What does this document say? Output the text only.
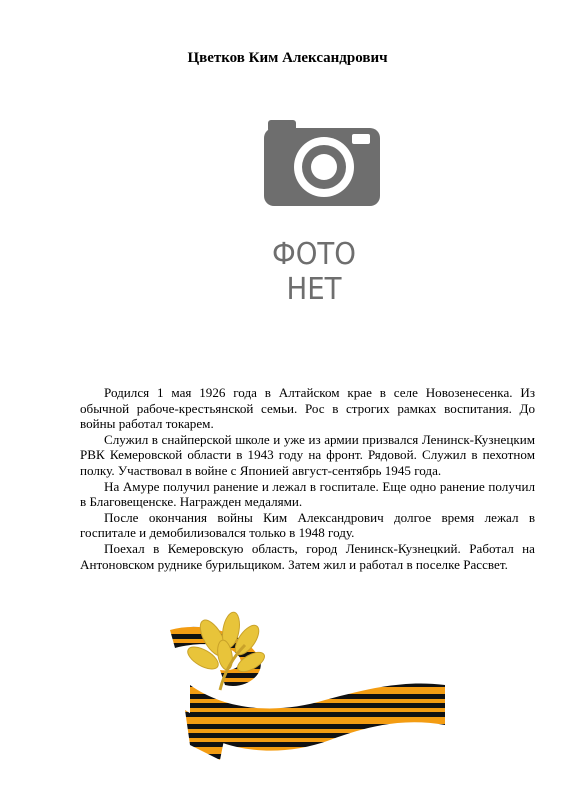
Цветков Ким Александрович
ФОТО НЕТ

Родился 1 мая 1926 года в Алтайском крае в селе Новозенесенка. Из обычной рабоче-крестьянской семьи. Рос в строгих рамках воспитания. До войны работал токарем.

Служил в снайперской школе и уже из армии призвался Ленинск-Кузнецким РВК Кемеровской области в 1943 году на фронт. Рядовой. Служил в пехотном полку. Участвовал в войне с Японией август-сентябрь 1945 года.

На Амуре получил ранение и лежал в госпитале. Еще одно ранение получил в Благовещенске. Награжден медалями.

После окончания войны Ким Александрович долгое время лежал в госпитале и демобилизовался только в 1948 году.

Поехал в Кемеровскую область, город Ленинск-Кузнецкий. Работал на Антоновском руднике бурильщиком. Затем жил и работал в поселке Рассвет.
